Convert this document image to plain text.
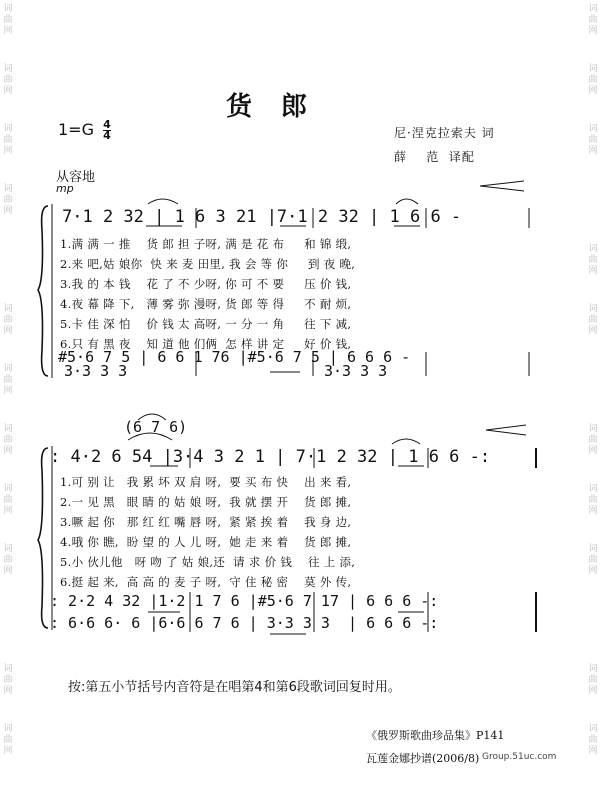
词
曲
网
词
曲
网
词
曲
网
词
曲
网
词
曲
网
词
曲
网
词
曲
网
词
曲
网
词
曲
网
词
曲
网
词
曲
网
词
曲
网
词
曲
网
词
曲
网
词
曲
网
词
曲
网
词
曲
网
词
曲
网
词
曲
网
词
曲
网
词
曲
网
货 郎
$1=G \frac{4}{4}$	尼·涅克拉索夫 词
薛    范  译配
从容地
mp
7·1 2 32 | 1 6 3 21 |7·1 2 32 | 1 6 6 -
1.满 满 一 推    货 郎 担 子呀, 满 是 花 布     和 锦 缎,
2.来 吧,姑 娘你  快 来 麦 田里, 我 会 等 你     到 夜 晚,
3.我 的 本 钱    花 了 不 少呀, 你 可 不 要     压 价 钱,
4.夜 幕 降 下,   薄 雾 弥 漫呀, 货 郎 等 得     不 耐 烦,
5.卡 佳 深 怕    价 钱 太 高呀, 一 分 一 角     往 下 减,
6.只 有 黑 夜    知 道 他 们俩  怎 样 讲 定     好 价 钱,
#5·6 7 5 | 6 6 1 76 |#5·6 7 5 | 6 6 6 -
3·3 3 3	3·3 3 3
(6 7 6)
: 4·2 6 54 |3·4 3 2 1 | 7·1 2 32 | 1 6 6 -:
1.可 别 让   我 累 坏 双 肩 呀,  要 买 布 快    出 来 看,
2.一 见 黑   眼 睛 的 姑 娘 呀,  我 就 摆 开    货 郎 摊,
3.噘 起 你   那 红 红 嘴 唇 呀,  紧 紧 挨 着    我 身 边,
4.哦 你 瞧,  盼 望 的 人 儿 呀,  她 走 来 着    货 郎 摊,
5.小 伙儿他   呀 吻 了 姑 娘,还  请 求 价 钱    往 上 添,
6.挺 起 来,  高 高 的 麦 子 呀,  守 住 秘 密    莫 外 传,
: 2·2 4 32 |1·2 1 7 6 |#5·6 7 17 | 6 6 6 -:
: 6·6 6· 6 |6·6 6 7 6 | 3·3 3 3  | 6 6 6 -:
按:第五小节括号内音符是在唱第4和第6段歌词回复时用。
《俄罗斯歌曲珍品集》P141
瓦莲金娜抄谱(2006/8) Group.51uc.com
